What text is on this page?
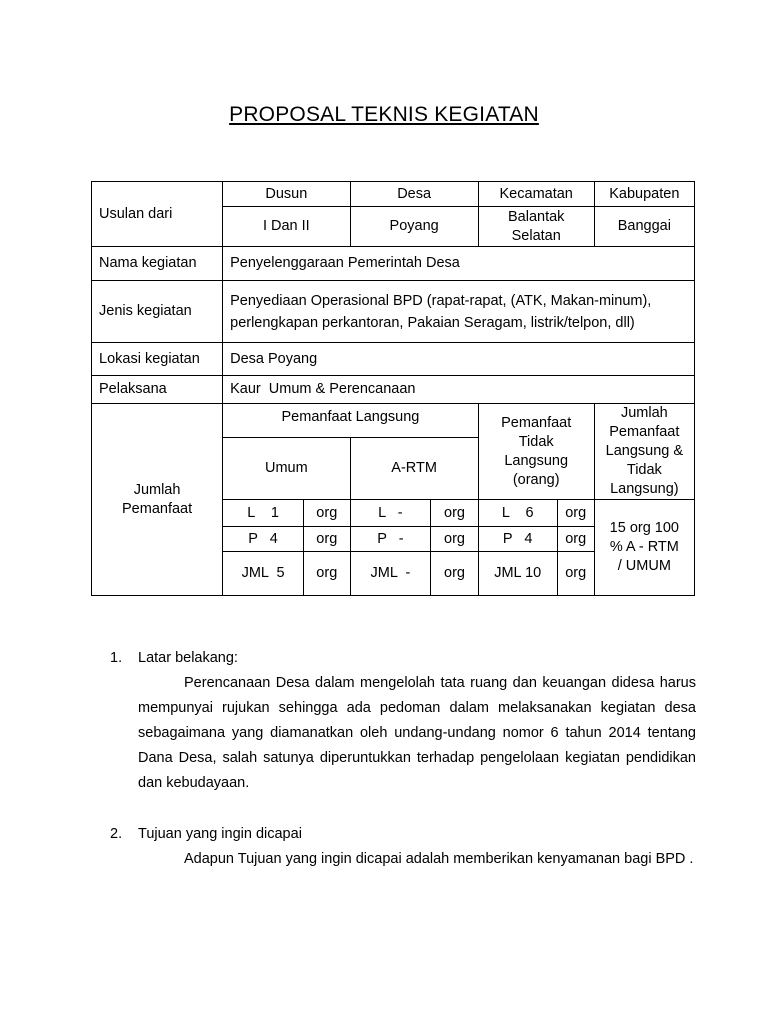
PROPOSAL TEKNIS KEGIATAN
Usulan dari	Dusun		Desa		Kecamatan		Kabupaten
	I Dan II		Poyang		Balantak Selatan		Banggai
Nama kegiatan	Penyelenggaraan Pemerintah Desa						
Jenis kegiatan	Penyediaan Operasional BPD (rapat-rapat, (ATK, Makan-minum), perlengkapan perkantoran, Pakaian Seragam, listrik/telpon, dll)						
Lokasi kegiatan	Desa Poyang						
Pelaksana	Kaur  Umum & Perencanaan						
Jumlah Pemanfaat	Pemanfaat Langsung				Pemanfaat Tidak Langsung (orang)		Jumlah Pemanfaat Langsung & Tidak Langsung)
	Umum		A-RTM				
	L    1	org	L   -	org	L    6	org	15 org 100 % A - RTM / UMUM
	P   4	org	P   -	org	P   4	org	
	JML  5	org	JML  -	org	JML 10	org	
1. Latar belakang:
Perencanaan Desa dalam mengelolah tata ruang dan keuangan didesa harus mempunyai rujukan sehingga ada pedoman dalam melaksanakan kegiatan desa sebagaimana yang diamanatkan oleh undang-undang nomor 6 tahun 2014 tentang Dana Desa, salah satunya diperuntukkan terhadap pengelolaan kegiatan pendidikan dan kebudayaan.
2. Tujuan yang ingin dicapai
Adapun Tujuan yang ingin dicapai adalah memberikan kenyamanan bagi BPD .
